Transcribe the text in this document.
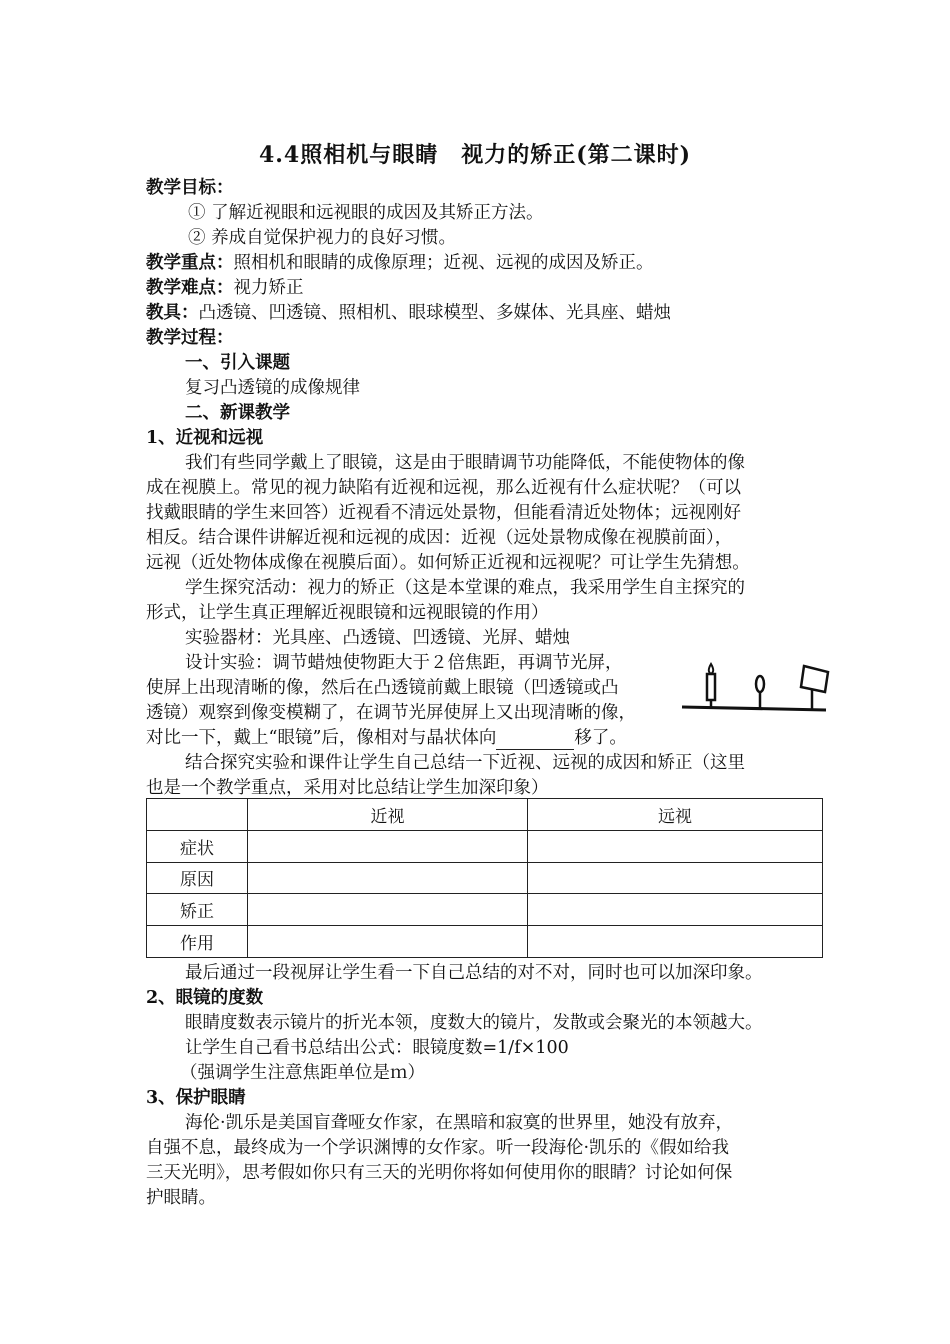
4.4照相机与眼睛　视力的矫正(第二课时)
教学目标：
① 了解近视眼和远视眼的成因及其矫正方法。
② 养成自觉保护视力的良好习惯。
教学重点：照相机和眼睛的成像原理；近视、远视的成因及矫正。
教学难点：视力矫正
教具：凸透镜、凹透镜、照相机、眼球模型、多媒体、光具座、蜡烛
教学过程：
一、引入课题
复习凸透镜的成像规律
二、新课教学
1、近视和远视
我们有些同学戴上了眼镜，这是由于眼睛调节功能降低，不能使物体的像
成在视膜上。常见的视力缺陷有近视和远视，那么近视有什么症状呢？（可以
找戴眼睛的学生来回答）近视看不清远处景物，但能看清近处物体；远视刚好
相反。结合课件讲解近视和远视的成因：近视（远处景物成像在视膜前面），
远视（近处物体成像在视膜后面）。如何矫正近视和远视呢？可让学生先猜想。
学生探究活动：视力的矫正（这是本堂课的难点，我采用学生自主探究的
形式，让学生真正理解近视眼镜和远视眼镜的作用）
实验器材：光具座、凸透镜、凹透镜、光屏、蜡烛
设计实验：调节蜡烛使物距大于２倍焦距，再调节光屏，
使屏上出现清晰的像，然后在凸透镜前戴上眼镜（凹透镜或凸
透镜）观察到像变模糊了，在调节光屏使屏上又出现清晰的像，
对比一下，戴上“眼镜”后，像相对与晶状体向	移了。
结合探究实验和课件让学生自己总结一下近视、远视的成因和矫正（这里
也是一个教学重点，采用对比总结让学生加深印象）
	近视	远视
症状		
原因		
矫正		
作用		
最后通过一段视屏让学生看一下自己总结的对不对，同时也可以加深印象。
2、眼镜的度数
眼睛度数表示镜片的折光本领，度数大的镜片，发散或会聚光的本领越大。
让学生自己看书总结出公式：眼镜度数=1/f×100
（强调学生注意焦距单位是ｍ）
3、保护眼睛
海伦·凯乐是美国盲聋哑女作家，在黑暗和寂寞的世界里，她没有放弃，
自强不息，最终成为一个学识渊博的女作家。听一段海伦·凯乐的《假如给我
三天光明》，思考假如你只有三天的光明你将如何使用你的眼睛？讨论如何保
护眼睛。
